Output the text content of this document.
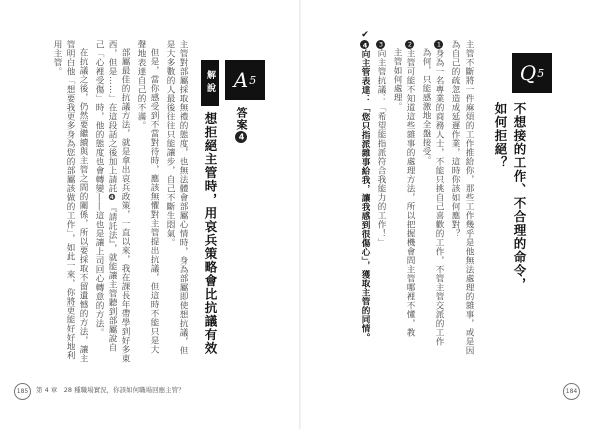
Q 5
不想接的工作、不合理的命令，
如何拒絕？
主管不斷將一件麻煩的工作推給你，那些工作幾乎是他無法處理的雜事，或是因
為自己的疏忽造成延遲作業，這時你該如何應對？
1身為一名專業的商務人士，不能只挑自己喜歡的工作，不管主管交派的工作
為何，只能感激地全盤接受。
2主管可能不知道這些雜事的處理方法，所以把握機會問主管哪裡不懂，教
主管如何處理。
3向主管抗議：「希望能指派符合我能力的工作！」
✔4向主管表達：「您只指派雜事給我，讓我感到很傷心」，獲取主管的同情。
184
A 5
解說
答案4
想拒絕主管時，用哀兵策略會比抗議有效
主管對部屬採取無禮的態度，也無法體會部屬心情時，身為部屬即使想抗議，但
是大多數的人最後往往只能讓步，自己不斷生悶氣。
但是，當你感受到不當對待時，應該無懼對主管提出抗議，但這時不能只是大
聲地表達自己的不滿。
部屬最佳的抗議方法，就是拿出哀兵政策，一直以來，我在課長年帶學到好多東
西，但是……」在這段話之後加上請託❹『請託法』，就能讓主管聽到部屬說自
己「心裡受傷」時，他的態度也會轉變――這也是讓上司回心轉意的方法。
在抗議之後，仍然要繼續與主管之間的關係，所以要採取不留遺憾的方法，讓主
管明白他「想要我更多身為您的部屬該做的工作」，如此一來，你將更能好好地利
用主管。
185	第 4 章　28 種職場實況，你該如何職場回應主管？
